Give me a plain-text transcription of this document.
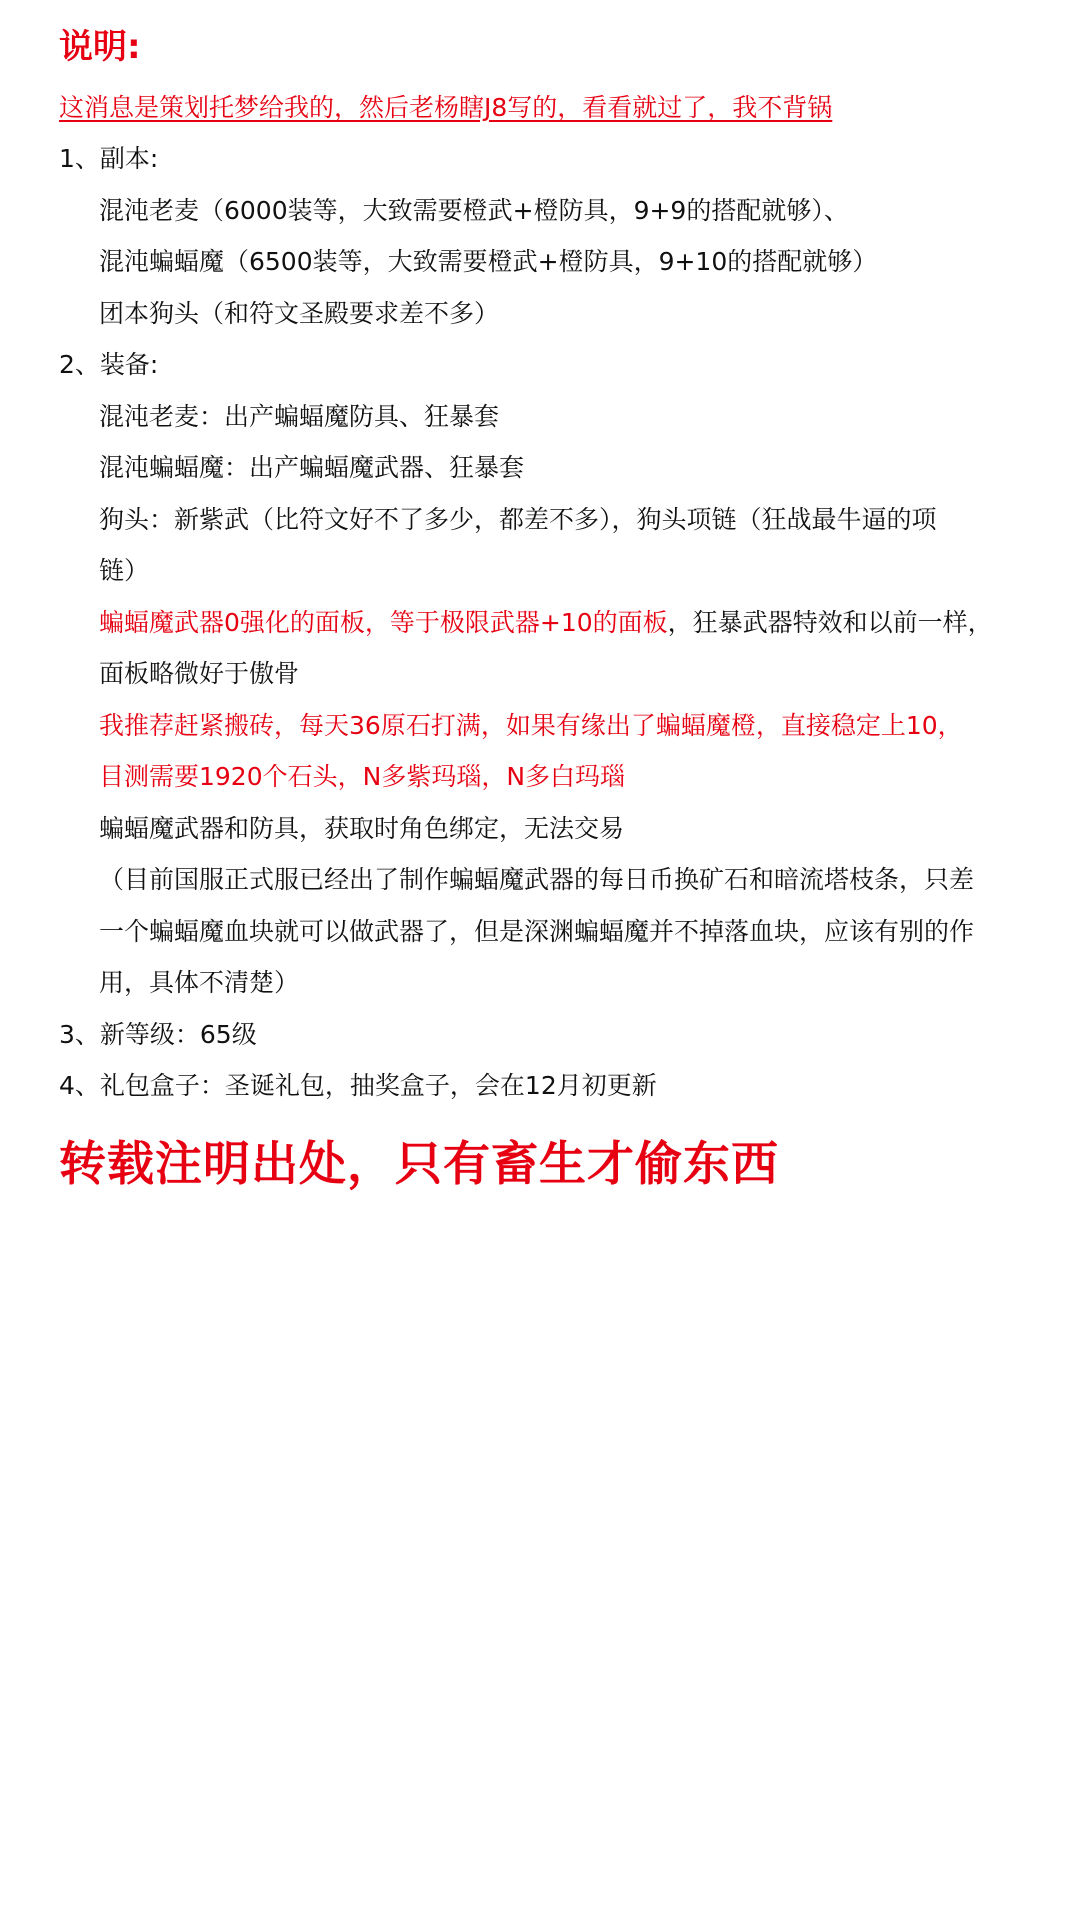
说明:
这消息是策划托梦给我的，然后老杨瞎J8写的，看看就过了，我不背锅
1、副本:
混沌老麦（6000装等，大致需要橙武+橙防具，9+9的搭配就够）、
混沌蝙蝠魔（6500装等，大致需要橙武+橙防具，9+10的搭配就够）
团本狗头（和符文圣殿要求差不多）
2、装备:
混沌老麦：出产蝙蝠魔防具、狂暴套
混沌蝙蝠魔：出产蝙蝠魔武器、狂暴套
狗头：新紫武（比符文好不了多少，都差不多），狗头项链（狂战最牛逼的项
链）
蝙蝠魔武器0强化的面板，等于极限武器+10的面板，狂暴武器特效和以前一样，
面板略微好于傲骨
我推荐赶紧搬砖，每天36原石打满，如果有缘出了蝙蝠魔橙，直接稳定上10，
目测需要1920个石头，N多紫玛瑙，N多白玛瑙
蝙蝠魔武器和防具，获取时角色绑定，无法交易
（目前国服正式服已经出了制作蝙蝠魔武器的每日币换矿石和暗流塔枝条，只差
一个蝙蝠魔血块就可以做武器了，但是深渊蝙蝠魔并不掉落血块，应该有别的作
用，具体不清楚）
3、新等级：65级
4、礼包盒子：圣诞礼包，抽奖盒子，会在12月初更新
转载注明出处，只有畜生才偷东西
